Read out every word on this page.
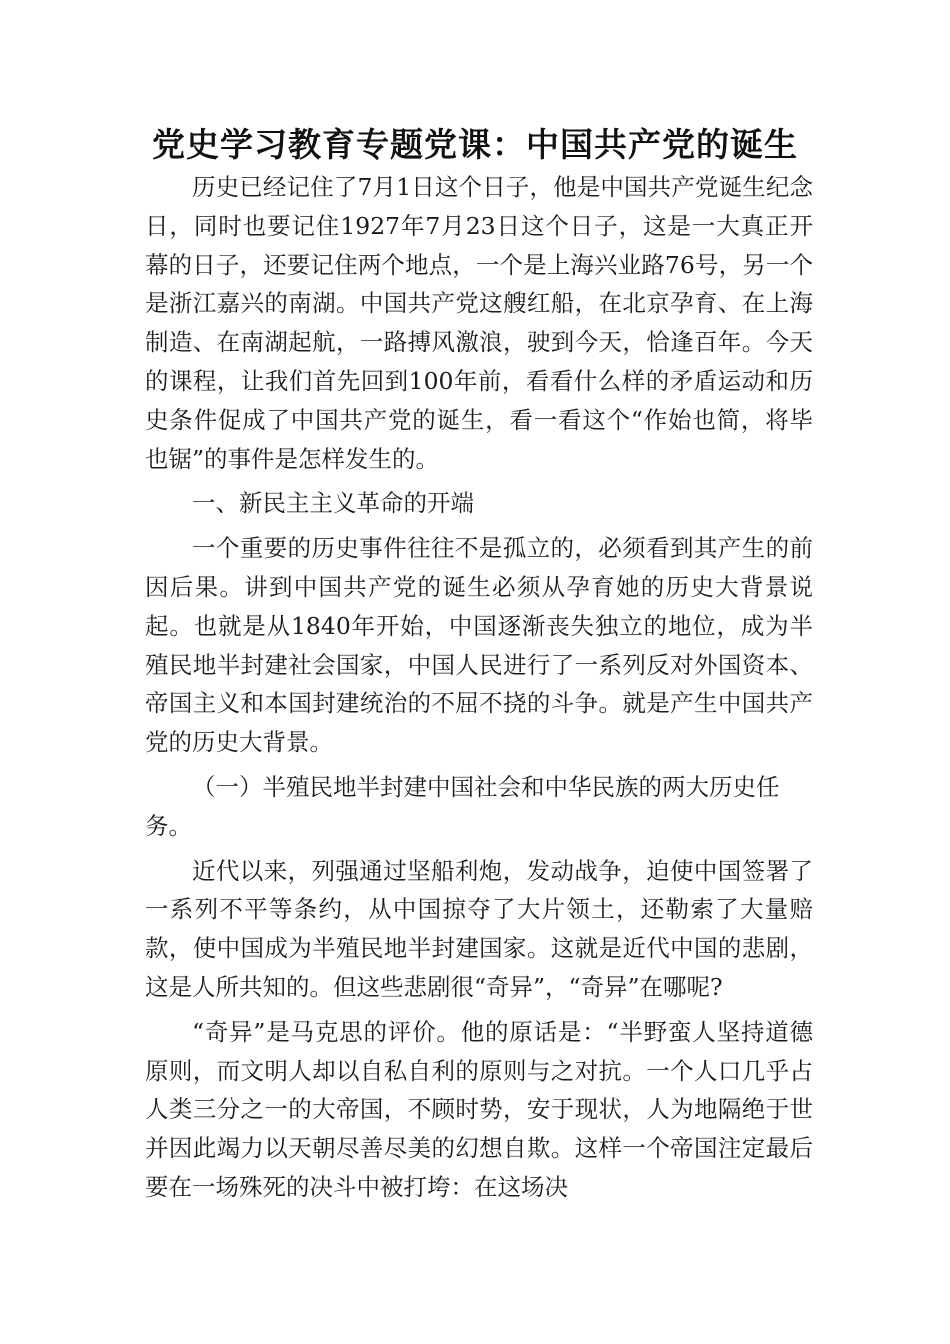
党史学习教育专题党课：中国共产党的诞生

历史已经记住了7月1日这个日子，他是中国共产党诞生纪念日，同时也要记住1927年7月23日这个日子，这是一大真正开幕的日子，还要记住两个地点，一个是上海兴业路76号，另一个是浙江嘉兴的南湖。中国共产党这艘红船，在北京孕育、在上海制造、在南湖起航，一路搏风激浪，驶到今天，恰逢百年。今天的课程，让我们首先回到100年前，看看什么样的矛盾运动和历史条件促成了中国共产党的诞生，看一看这个“作始也简，将毕也锯”的事件是怎样发生的。

一、新民主主义革命的开端

一个重要的历史事件往往不是孤立的，必须看到其产生的前因后果。讲到中国共产党的诞生必须从孕育她的历史大背景说起。也就是从1840年开始，中国逐渐丧失独立的地位，成为半殖民地半封建社会国家，中国人民进行了一系列反对外国资本、帝国主义和本国封建统治的不屈不挠的斗争。就是产生中国共产党的历史大背景。

（一）半殖民地半封建中国社会和中华民族的两大历史任务。

近代以来，列强通过坚船利炮，发动战争，迫使中国签署了一系列不平等条约，从中国掠夺了大片领土，还勒索了大量赔款，使中国成为半殖民地半封建国家。这就是近代中国的悲剧，这是人所共知的。但这些悲剧很“奇异”，“奇异”在哪呢?

“奇异”是马克思的评价。他的原话是：“半野蛮人坚持道德原则，而文明人却以自私自利的原则与之对抗。一个人口几乎占人类三分之一的大帝国，不顾时势，安于现状，人为地隔绝于世并因此竭力以天朝尽善尽美的幻想自欺。这样一个帝国注定最后要在一场殊死的决斗中被打垮：在这场决
